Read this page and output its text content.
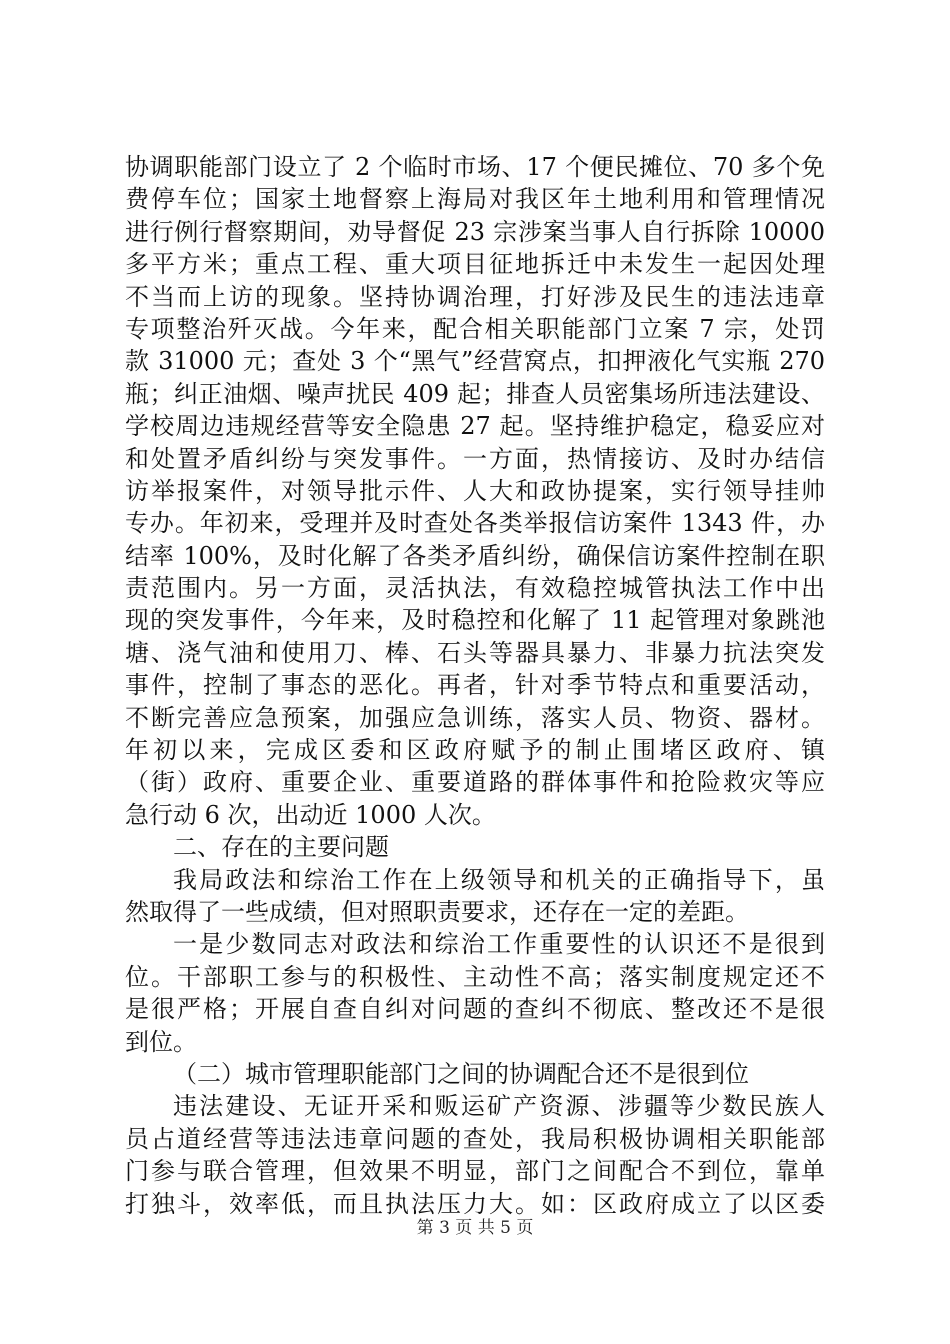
协调职能部门设立了 2 个临时市场、17 个便民摊位、70 多个免
费停车位；国家土地督察上海局对我区年土地利用和管理情况
进行例行督察期间，劝导督促 23 宗涉案当事人自行拆除 10000
多平方米；重点工程、重大项目征地拆迁中未发生一起因处理
不当而上访的现象。坚持协调治理，打好涉及民生的违法违章
专项整治歼灭战。今年来，配合相关职能部门立案 7 宗，处罚
款 31000 元；查处 3 个“黑气”经营窝点，扣押液化气实瓶 270
瓶；纠正油烟、噪声扰民 409 起；排查人员密集场所违法建设、
学校周边违规经营等安全隐患 27 起。坚持维护稳定，稳妥应对
和处置矛盾纠纷与突发事件。一方面，热情接访、及时办结信
访举报案件，对领导批示件、人大和政协提案，实行领导挂帅
专办。年初来，受理并及时查处各类举报信访案件 1343 件，办
结率 100%，及时化解了各类矛盾纠纷，确保信访案件控制在职
责范围内。另一方面，灵活执法，有效稳控城管执法工作中出
现的突发事件，今年来，及时稳控和化解了 11 起管理对象跳池
塘、浇气油和使用刀、棒、石头等器具暴力、非暴力抗法突发
事件，控制了事态的恶化。再者，针对季节特点和重要活动，
不断完善应急预案，加强应急训练，落实人员、物资、器材。
年初以来，完成区委和区政府赋予的制止围堵区政府、镇
（街）政府、重要企业、重要道路的群体事件和抢险救灾等应
急行动 6 次，出动近 1000 人次。
二、存在的主要问题
我局政法和综治工作在上级领导和机关的正确指导下，虽
然取得了一些成绩，但对照职责要求，还存在一定的差距。
一是少数同志对政法和综治工作重要性的认识还不是很到
位。干部职工参与的积极性、主动性不高；落实制度规定还不
是很严格；开展自查自纠对问题的查纠不彻底、整改还不是很
到位。
（二）城市管理职能部门之间的协调配合还不是很到位
违法建设、无证开采和贩运矿产资源、涉疆等少数民族人
员占道经营等违法违章问题的查处，我局积极协调相关职能部
门参与联合管理，但效果不明显，部门之间配合不到位，靠单
打独斗，效率低，而且执法压力大。如：区政府成立了以区委
第 3 页 共 5 页
